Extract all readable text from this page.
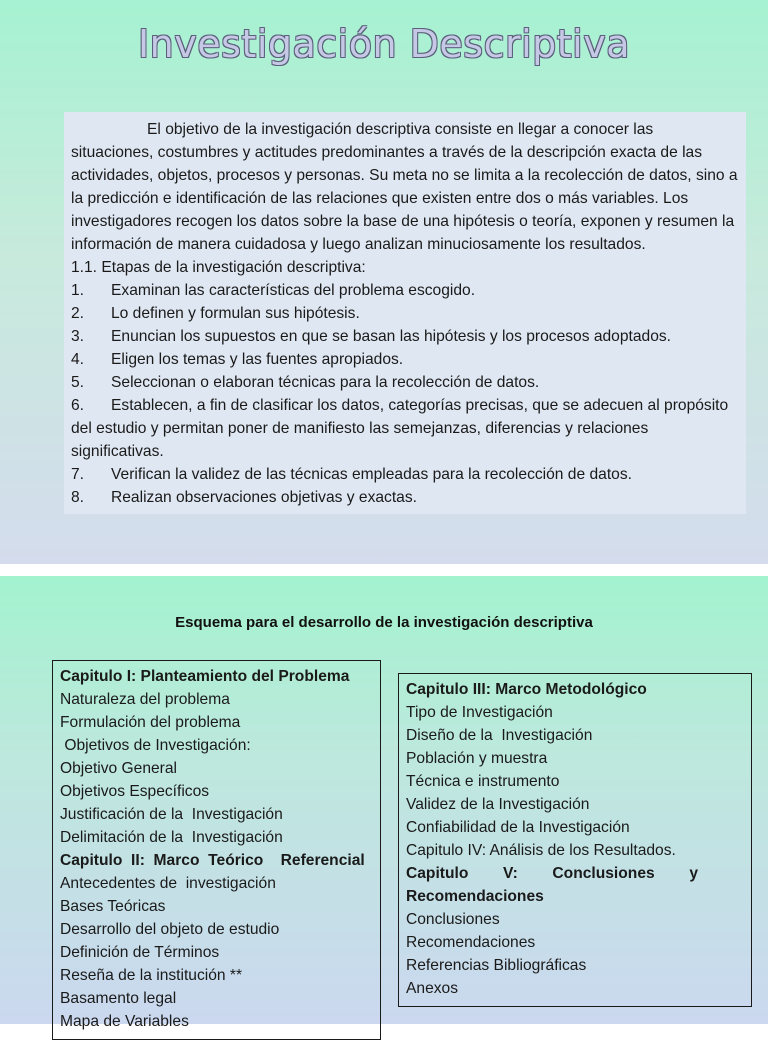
Investigación Descriptiva

El objetivo de la investigación descriptiva consiste en llegar a conocer las

situaciones, costumbres y actitudes predominantes a través de la descripción exacta de las actividades, objetos, procesos y personas. Su meta no se limita a la recolección de datos, sino a la predicción e identificación de las relaciones que existen entre dos o más variables. Los investigadores recogen los datos sobre la base de una hipótesis o teoría, exponen y resumen la información de manera cuidadosa y luego analizan minuciosamente los resultados.

1.1. Etapas de la investigación descriptiva:

1. Examinan las características del problema escogido.

2. Lo definen y formulan sus hipótesis.

3. Enuncian los supuestos en que se basan las hipótesis y los procesos adoptados.

4. Eligen los temas y las fuentes apropiados.

5. Seleccionan o elaboran técnicas para la recolección de datos.

6. Establecen, a fin de clasificar los datos, categorías precisas, que se adecuen al propósito del estudio y permitan poner de manifiesto las semejanzas, diferencias y relaciones significativas.

7. Verifican la validez de las técnicas empleadas para la recolección de datos.

8. Realizan observaciones objetivas y exactas.

Esquema para el desarrollo de la investigación descriptiva

Capitulo I: Planteamiento del Problema

Naturaleza del problema

Formulación del problema

Objetivos de Investigación:

Objetivo General

Objetivos Específicos

Justificación de la  Investigación

Delimitación de la  Investigación

Capitulo  II:  Marco  Teórico    Referencial

Antecedentes de  investigación

Bases Teóricas

Desarrollo del objeto de estudio

Definición de Términos

Reseña de la institución **

Basamento legal

Mapa de Variables

Capitulo III: Marco Metodológico

Tipo de Investigación

Diseño de la  Investigación

Población y muestra

Técnica e instrumento

Validez de la Investigación

Confiabilidad de la Investigación

Capitulo IV: Análisis de los Resultados.

Capitulo        V:        Conclusiones        y

Recomendaciones

Conclusiones

Recomendaciones

Referencias Bibliográficas

Anexos
